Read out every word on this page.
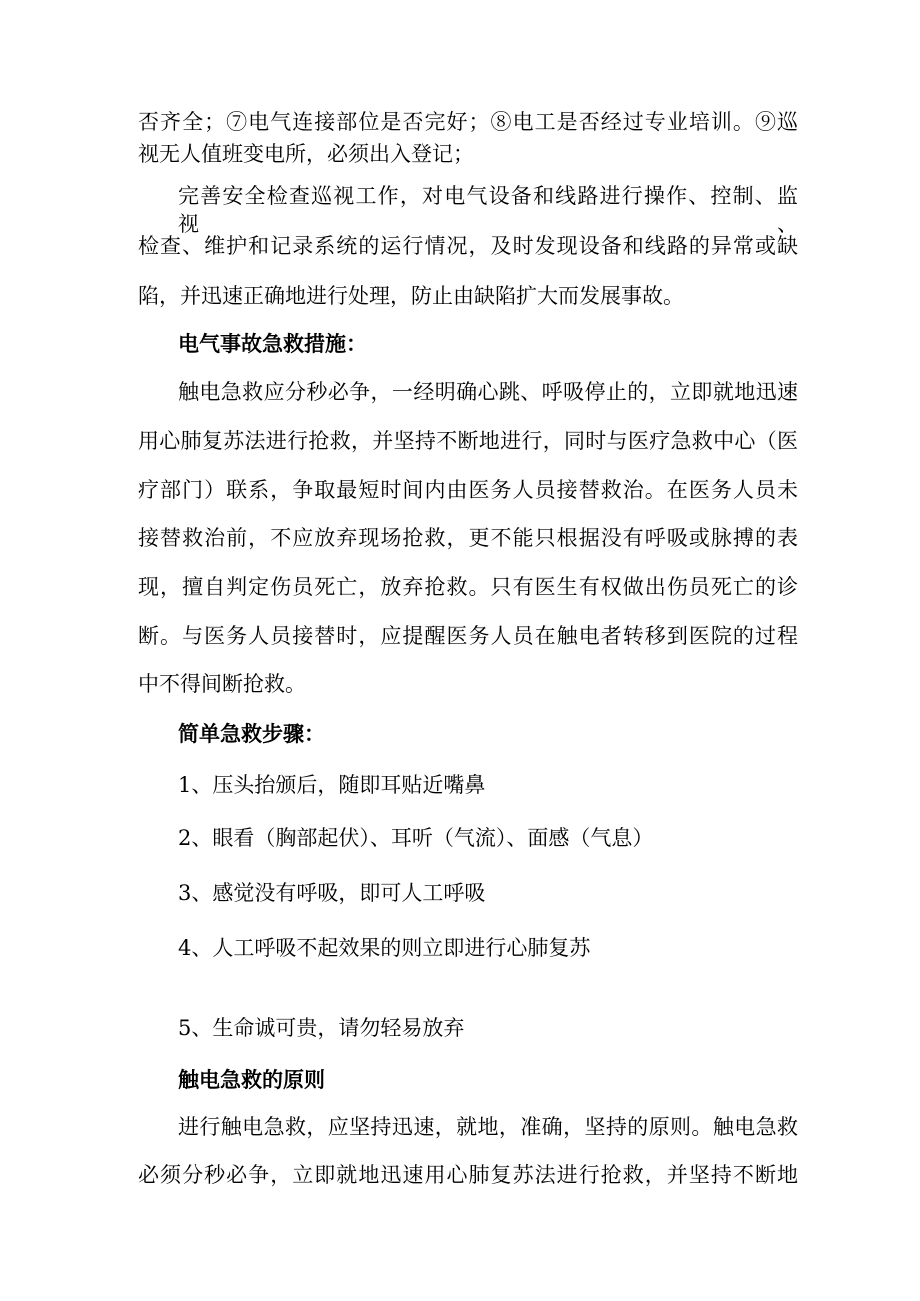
否齐全；⑦电气连接部位是否完好；⑧电工是否经过专业培训。⑨巡
视无人值班变电所，必须出入登记；
完善安全检查巡视工作，对电气设备和线路进行操作、控制、监视、
检查、维护和记录系统的运行情况，及时发现设备和线路的异常或缺
陷，并迅速正确地进行处理，防止由缺陷扩大而发展事故。
电气事故急救措施：
触电急救应分秒必争，一经明确心跳、呼吸停止的，立即就地迅速
用心肺复苏法进行抢救，并坚持不断地进行，同时与医疗急救中心（医
疗部门）联系，争取最短时间内由医务人员接替救治。在医务人员未
接替救治前，不应放弃现场抢救，更不能只根据没有呼吸或脉搏的表
现，擅自判定伤员死亡，放弃抢救。只有医生有权做出伤员死亡的诊
断。与医务人员接替时，应提醒医务人员在触电者转移到医院的过程
中不得间断抢救。
简单急救步骤：
1、压头抬颁后，随即耳贴近嘴鼻
2、眼看（胸部起伏）、耳听（气流）、面感（气息）
3、感觉没有呼吸，即可人工呼吸
4、人工呼吸不起效果的则立即进行心肺复苏
5、生命诚可贵，请勿轻易放弃
触电急救的原则
进行触电急救，应坚持迅速，就地，准确，坚持的原则。触电急救
必须分秒必争，立即就地迅速用心肺复苏法进行抢救，并坚持不断地
